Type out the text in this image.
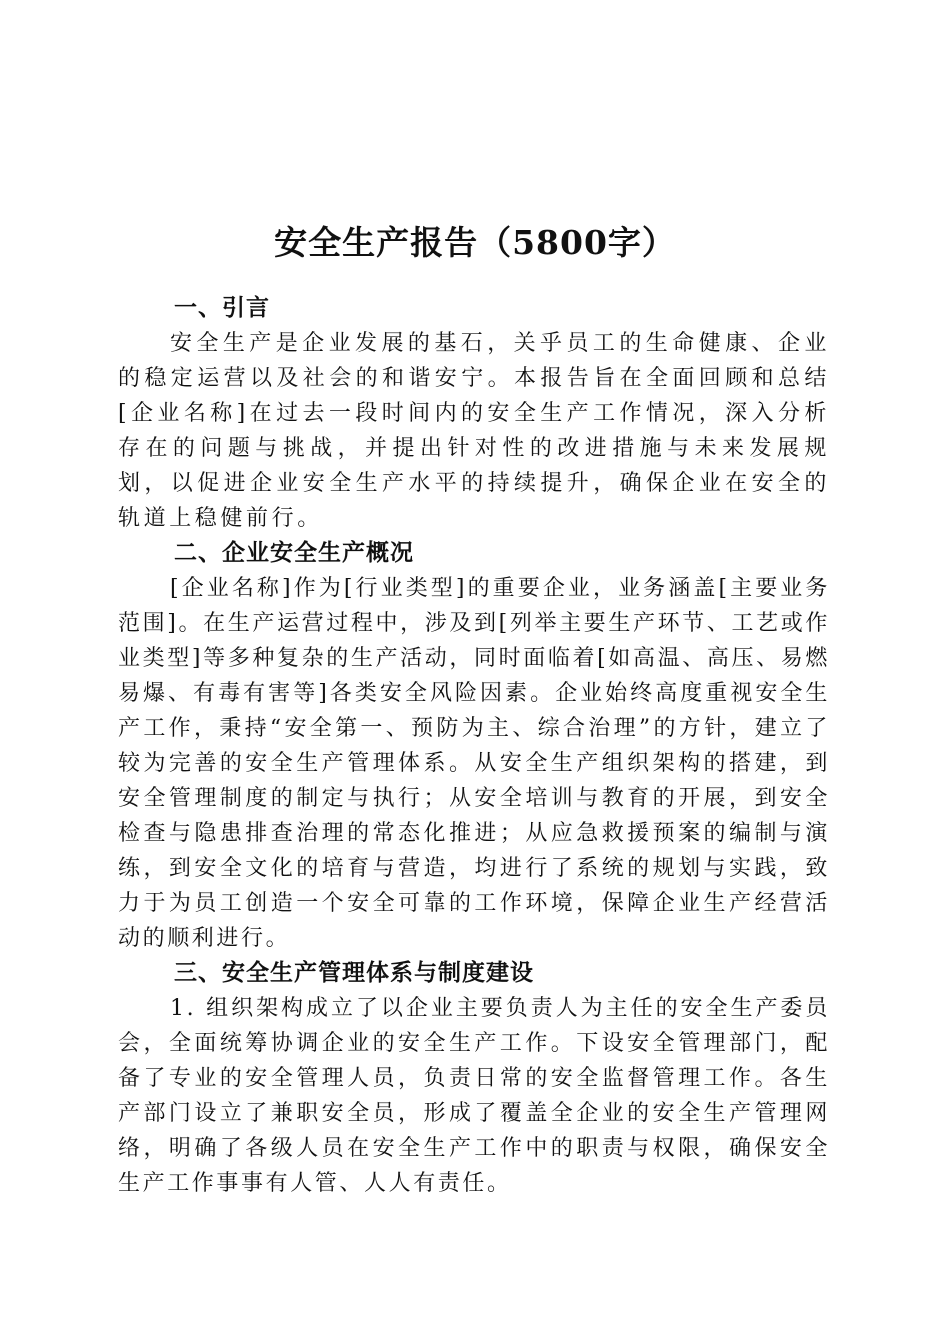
安全生产报告（5800字）
一、引言

安全生产是企业发展的基石，关乎员工的生命健康、企业的稳定运营以及社会的和谐安宁。本报告旨在全面回顾和总结[企业名称]在过去一段时间内的安全生产工作情况，深入分析存在的问题与挑战，并提出针对性的改进措施与未来发展规划，以促进企业安全生产水平的持续提升，确保企业在安全的轨道上稳健前行。

二、企业安全生产概况

[企业名称]作为[行业类型]的重要企业，业务涵盖[主要业务范围]。在生产运营过程中，涉及到[列举主要生产环节、工艺或作业类型]等多种复杂的生产活动，同时面临着[如高温、高压、易燃易爆、有毒有害等]各类安全风险因素。企业始终高度重视安全生产工作，秉持“安全第一、预防为主、综合治理”的方针，建立了较为完善的安全生产管理体系。从安全生产组织架构的搭建，到安全管理制度的制定与执行；从安全培训与教育的开展，到安全检查与隐患排查治理的常态化推进；从应急救援预案的编制与演练，到安全文化的培育与营造，均进行了系统的规划与实践，致力于为员工创造一个安全可靠的工作环境，保障企业生产经营活动的顺利进行。

三、安全生产管理体系与制度建设

1. 组织架构成立了以企业主要负责人为主任的安全生产委员会，全面统筹协调企业的安全生产工作。下设安全管理部门，配备了专业的安全管理人员，负责日常的安全监督管理工作。各生产部门设立了兼职安全员，形成了覆盖全企业的安全生产管理网络，明确了各级人员在安全生产工作中的职责与权限，确保安全生产工作事事有人管、人人有责任。
